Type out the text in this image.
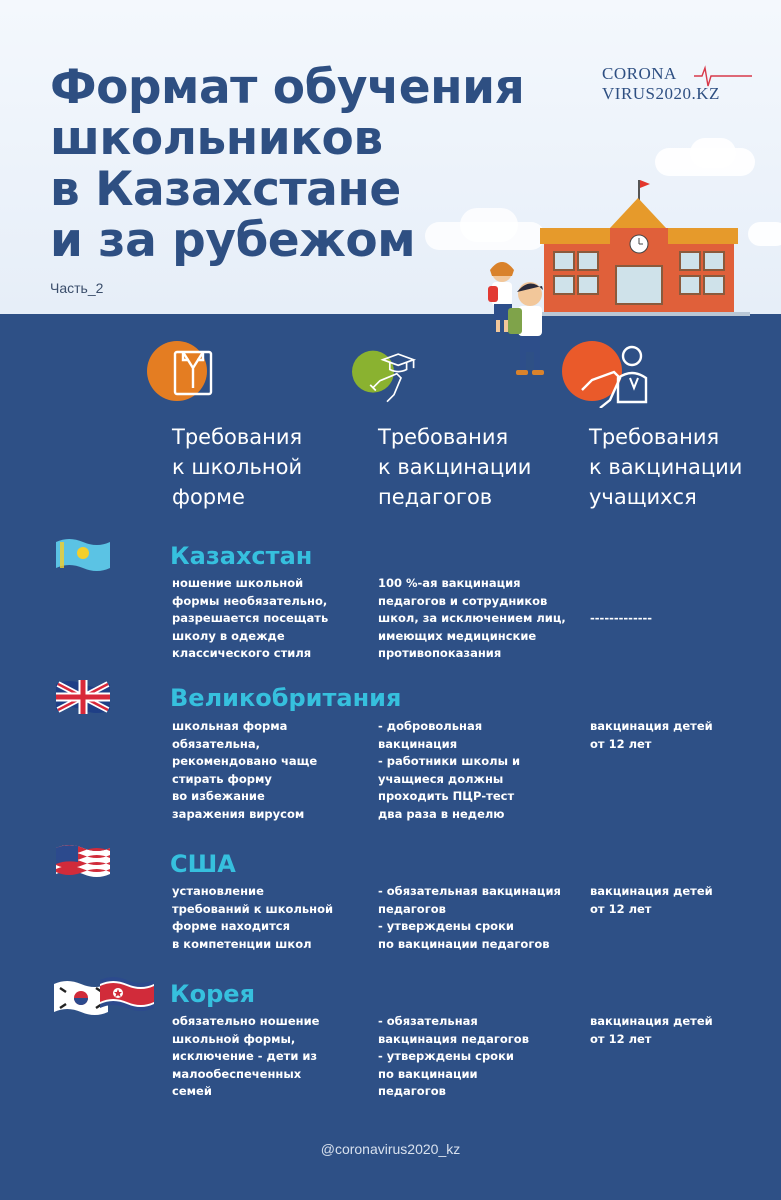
Формат обучения
школьников
в Казахстане
и за рубежом
Часть_2
CORONA
VIRUS2020.KZ
Требования
к школьной
форме
Требования
к вакцинации
педагогов
Требования
к вакцинации
учащихся
Казахстан
ношение школьной
формы необязательно,
разрешается посещать
школу в одежде
классического стиля
100 %-ая вакцинация
педагогов и сотрудников
школ, за исключением лиц,
имеющих медицинские
противопоказания
-------------
Великобритания
школьная форма
обязательна,
рекомендовано чаще
стирать форму
во избежание
заражения вирусом
- добровольная
вакцинация
- работники школы и
учащиеся должны
проходить ПЦР-тест
два раза в неделю
вакцинация детей
от 12 лет
США
установление
требований к школьной
форме находится
в компетенции школ
- обязательная вакцинация
педагогов
- утверждены сроки
по вакцинации педагогов
вакцинация детей
от 12 лет
Корея
обязательно ношение
школьной формы,
исключение - дети из
малообеспеченных
семей
- обязательная
вакцинация педагогов
- утверждены сроки
по вакцинации
педагогов
вакцинация детей
от 12 лет
@coronavirus2020_kz
